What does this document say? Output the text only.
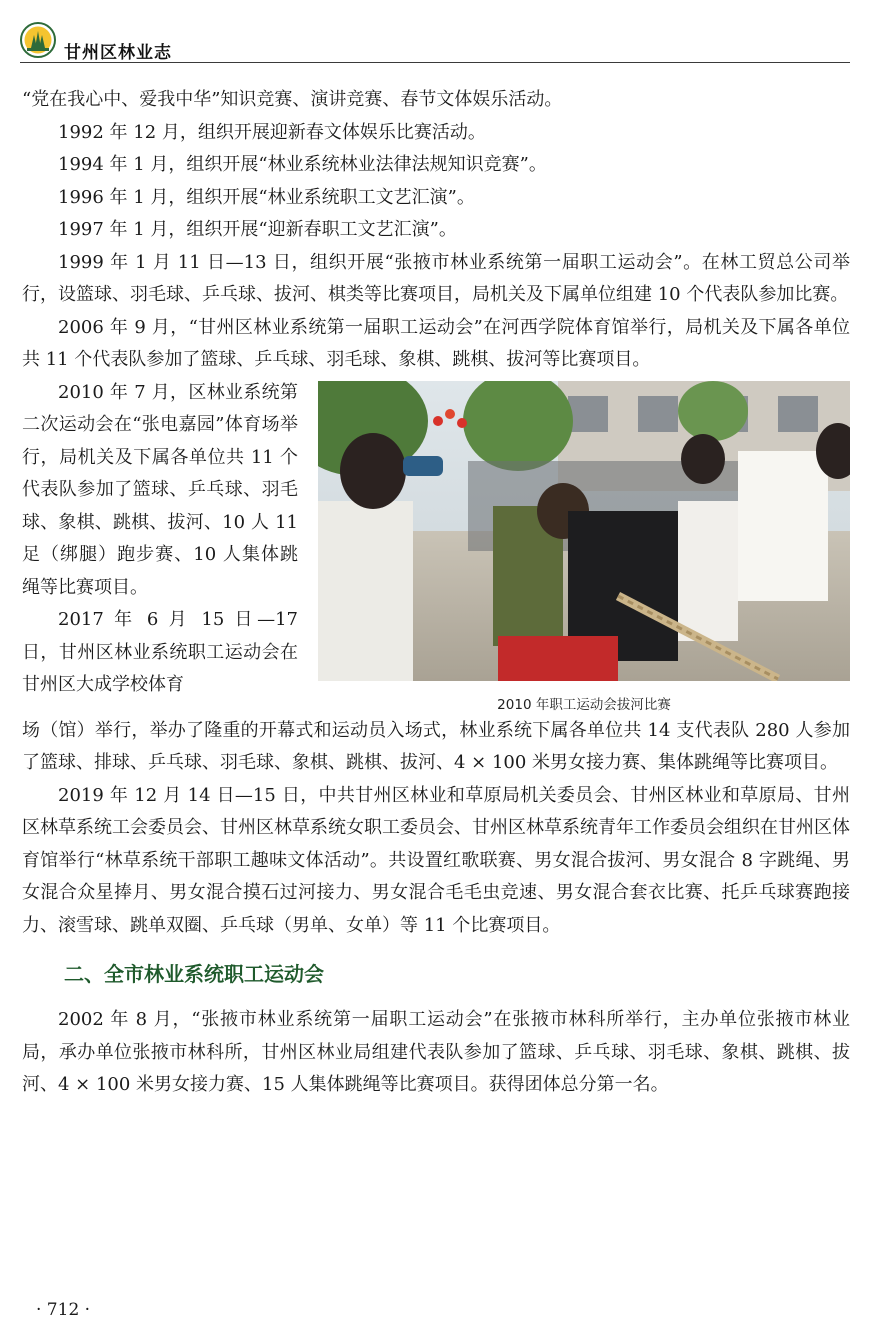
甘州区林业志

“党在我心中、爱我中华”知识竞赛、演讲竞赛、春节文体娱乐活动。

1992 年 12 月，组织开展迎新春文体娱乐比赛活动。

1994 年 1 月，组织开展“林业系统林业法律法规知识竞赛”。

1996 年 1 月，组织开展“林业系统职工文艺汇演”。

1997 年 1 月，组织开展“迎新春职工文艺汇演”。

1999 年 1 月 11 日—13 日，组织开展“张掖市林业系统第一届职工运动会”。在林工贸总公司举行，设篮球、羽毛球、乒乓球、拔河、棋类等比赛项目，局机关及下属单位组建 10 个代表队参加比赛。

2006 年 9 月，“甘州区林业系统第一届职工运动会”在河西学院体育馆举行，局机关及下属各单位共 11 个代表队参加了篮球、乒乓球、羽毛球、象棋、跳棋、拔河等比赛项目。

2010 年 7 月，区林业系统第二次运动会在“张电嘉园”体育场举行，局机关及下属各单位共 11 个代表队参加了篮球、乒乓球、羽毛球、象棋、跳棋、拔河、10 人 11 足（绑腿）跑步赛、10 人集体跳绳等比赛项目。

2017 年 6 月 15 日—17 日，甘州区林业系统职工运动会在甘州区大成学校体育

2010 年职工运动会拔河比赛

场（馆）举行，举办了隆重的开幕式和运动员入场式，林业系统下属各单位共 14 支代表队 280 人参加了篮球、排球、乒乓球、羽毛球、象棋、跳棋、拔河、4 × 100 米男女接力赛、集体跳绳等比赛项目。

2019 年 12 月 14 日—15 日，中共甘州区林业和草原局机关委员会、甘州区林业和草原局、甘州区林草系统工会委员会、甘州区林草系统女职工委员会、甘州区林草系统青年工作委员会组织在甘州区体育馆举行“林草系统干部职工趣味文体活动”。共设置红歌联赛、男女混合拔河、男女混合 8 字跳绳、男女混合众星捧月、男女混合摸石过河接力、男女混合毛毛虫竞速、男女混合套衣比赛、托乒乓球赛跑接力、滚雪球、跳单双圈、乒乓球（男单、女单）等 11 个比赛项目。

二、全市林业系统职工运动会

2002 年 8 月，“张掖市林业系统第一届职工运动会”在张掖市林科所举行，主办单位张掖市林业局，承办单位张掖市林科所，甘州区林业局组建代表队参加了篮球、乒乓球、羽毛球、象棋、跳棋、拔河、4 × 100 米男女接力赛、15 人集体跳绳等比赛项目。获得团体总分第一名。

· 712 ·
